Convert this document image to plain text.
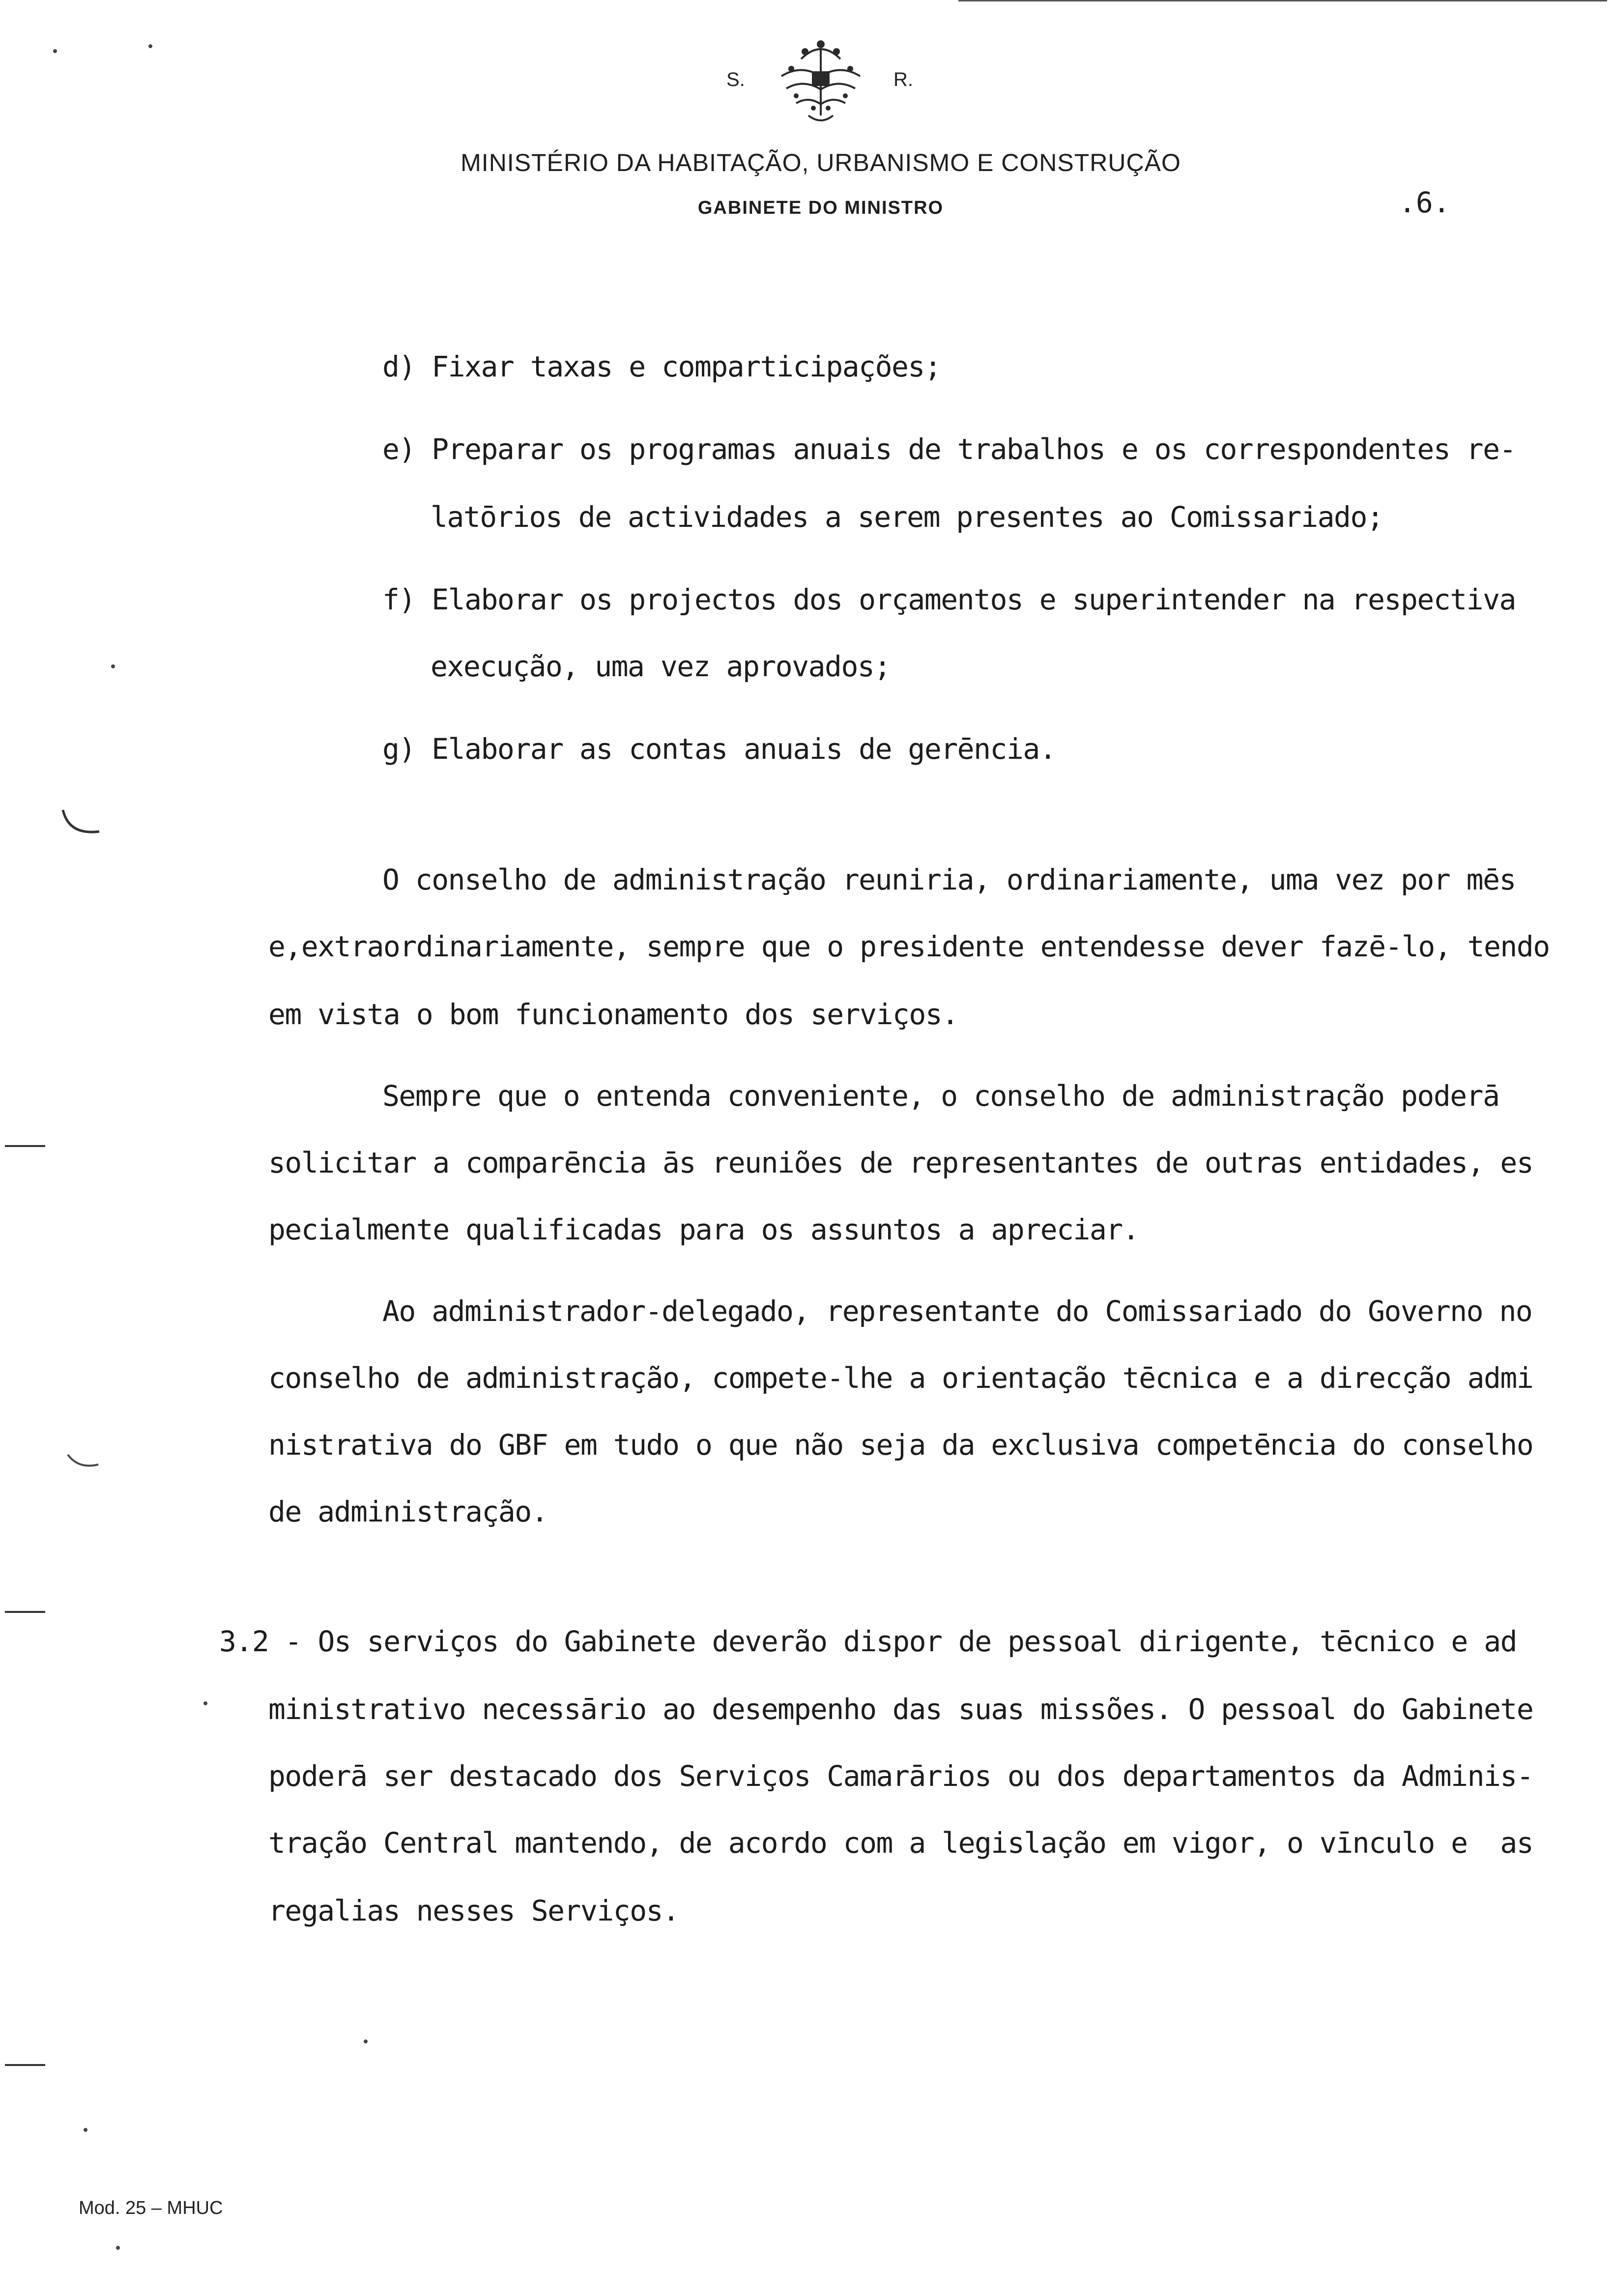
S.	R.
MINISTÉRIO DA HABITAÇÃO, URBANISMO E CONSTRUÇÃO
GABINETE DO MINISTRO	.6.
d) Fixar taxas e comparticipações;
e) Preparar os programas anuais de trabalhos e os correspondentes re-
latōrios de actividades a serem presentes ao Comissariado;
f) Elaborar os projectos dos orçamentos e superintender na respectiva
execução, uma vez aprovados;
g) Elaborar as contas anuais de gerēncia.
O conselho de administração reuniria, ordinariamente, uma vez por mēs
e,extraordinariamente, sempre que o presidente entendesse dever fazē-lo, tendo
em vista o bom funcionamento dos serviços.
Sempre que o entenda conveniente, o conselho de administração poderā
solicitar a comparēncia ās reuniões de representantes de outras entidades, es
pecialmente qualificadas para os assuntos a apreciar.
Ao administrador-delegado, representante do Comissariado do Governo no
conselho de administração, compete-lhe a orientação tēcnica e a direcção admi
nistrativa do GBF em tudo o que não seja da exclusiva competēncia do conselho
de administração.
3.2 - Os serviços do Gabinete deverão dispor de pessoal dirigente, tēcnico e ad
ministrativo necessārio ao desempenho das suas missões. O pessoal do Gabinete
poderā ser destacado dos Serviços Camarārios ou dos departamentos da Adminis-
tração Central mantendo, de acordo com a legislação em vigor, o vīnculo e  as
regalias nesses Serviços.
Mod. 25 – MHUC
